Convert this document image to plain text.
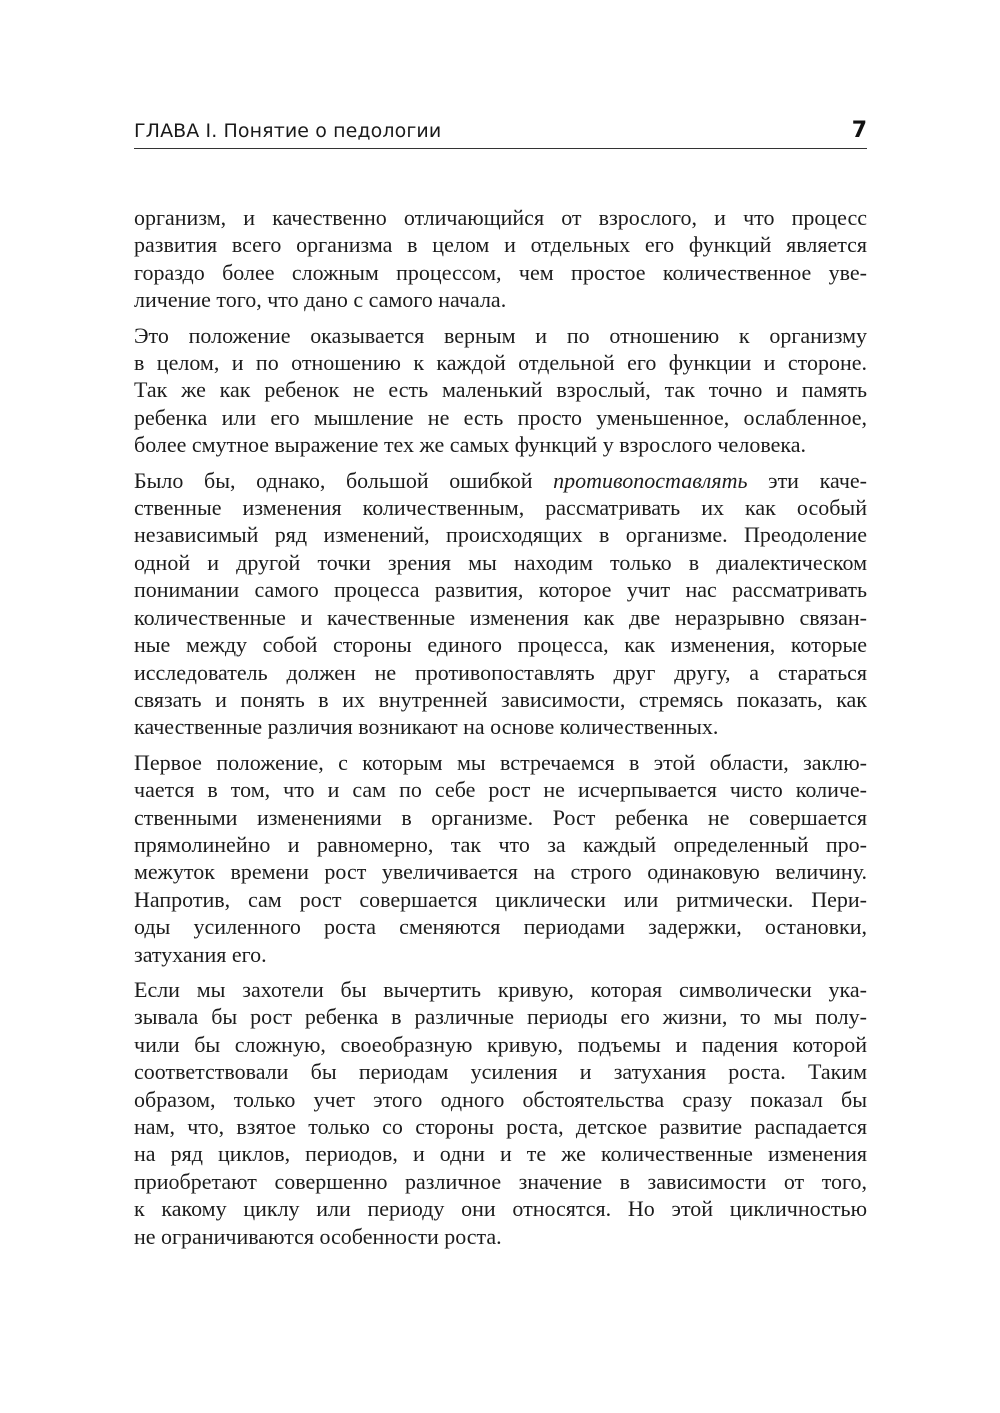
ГЛАВА I. Понятие о педологии	7

организм, и качественно отличающийся от взрослого, и что процесс
развития всего организма в целом и отдельных его функций является
гораздо более сложным процессом, чем простое количественное уве-
личение того, что дано с самого начала.

Это положение оказывается верным и по отношению к организму
в целом, и по отношению к каждой отдельной его функции и стороне.
Так же как ребенок не есть маленький взрослый, так точно и память
ребенка или его мышление не есть просто уменьшенное, ослабленное,
более смутное выражение тех же самых функций у взрослого человека.

Было бы, однако, большой ошибкой противопоставлять эти каче-
ственные изменения количественным, рассматривать их как особый
независимый ряд изменений, происходящих в организме. Преодоление
одной и другой точки зрения мы находим только в диалектическом
понимании самого процесса развития, которое учит нас рассматривать
количественные и качественные изменения как две неразрывно связан-
ные между собой стороны единого процесса, как изменения, которые
исследователь должен не противопоставлять друг другу, а стараться
связать и понять в их внутренней зависимости, стремясь показать, как
качественные различия возникают на основе количественных.

Первое положение, с которым мы встречаемся в этой области, заклю-
чается в том, что и сам по себе рост не исчерпывается чисто количе-
ственными изменениями в организме. Рост ребенка не совершается
прямолинейно и равномерно, так что за каждый определенный про-
межуток времени рост увеличивается на строго одинаковую величину.
Напротив, сам рост совершается циклически или ритмически. Пери-
оды усиленного роста сменяются периодами задержки, остановки,
затухания его.

Если мы захотели бы вычертить кривую, которая символически ука-
зывала бы рост ребенка в различные периоды его жизни, то мы полу-
чили бы сложную, своеобразную кривую, подъемы и падения которой
соответствовали бы периодам усиления и затухания роста. Таким
образом, только учет этого одного обстоятельства сразу показал бы
нам, что, взятое только со стороны роста, детское развитие распадается
на ряд циклов, периодов, и одни и те же количественные изменения
приобретают совершенно различное значение в зависимости от того,
к какому циклу или периоду они относятся. Но этой цикличностью
не ограничиваются особенности роста.
